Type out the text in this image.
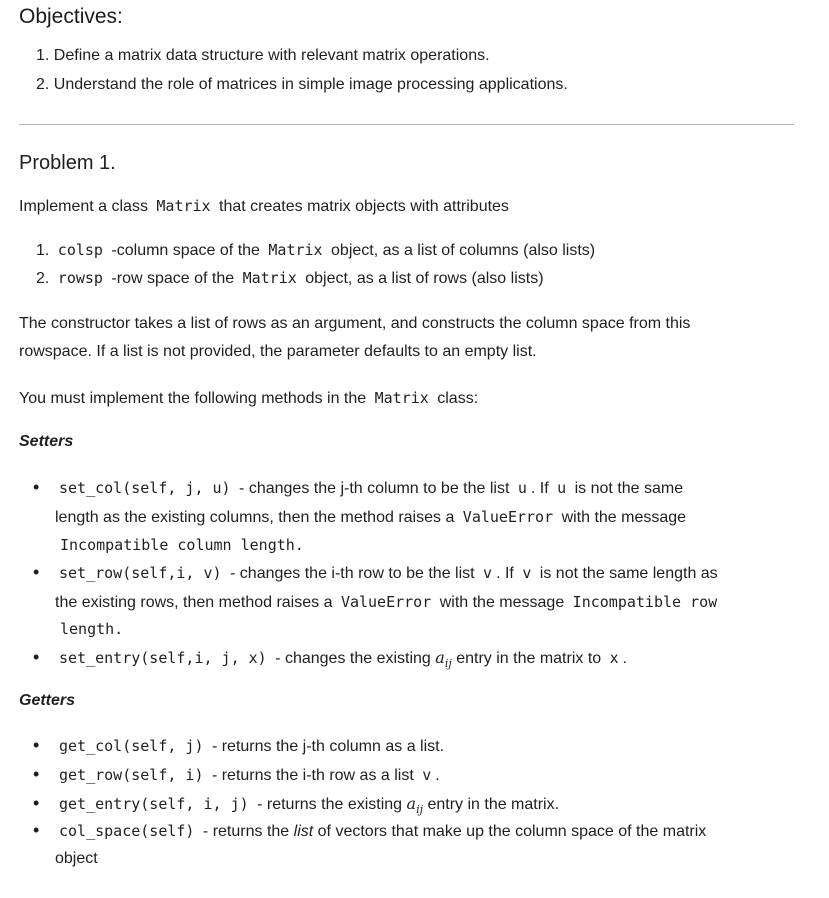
Objectives:
1. Define a matrix data structure with relevant matrix operations.
2. Understand the role of matrices in simple image processing applications.
Problem 1.

Implement a class Matrix that creates matrix objects with attributes

1. colsp -column space of the Matrix object, as a list of columns (also lists)
2. rowsp -row space of the Matrix object, as a list of rows (also lists)

The constructor takes a list of rows as an argument, and constructs the column space from this

rowspace. If a list is not provided, the parameter defaults to an empty list.

You must implement the following methods in the Matrix class:

Setters
• set_col(self, j, u) - changes the j-th column to be the list u . If u is not the same
length as the existing columns, then the method raises a ValueError with the message
Incompatible column length.
• set_row(self,i, v) - changes the i-th row to be the list v . If v is not the same length as
the existing rows, then method raises a ValueError with the message Incompatible row
length.
• set_entry(self,i, j, x) - changes the existing $a_{ij}$ entry in the matrix to x .
Getters
• get_col(self, j) - returns the j-th column as a list.
• get_row(self, i) - returns the i-th row as a list v .
• get_entry(self, i, j) - returns the existing $a_{ij}$ entry in the matrix.
• col_space(self) - returns the list of vectors that make up the column space of the matrix
object
